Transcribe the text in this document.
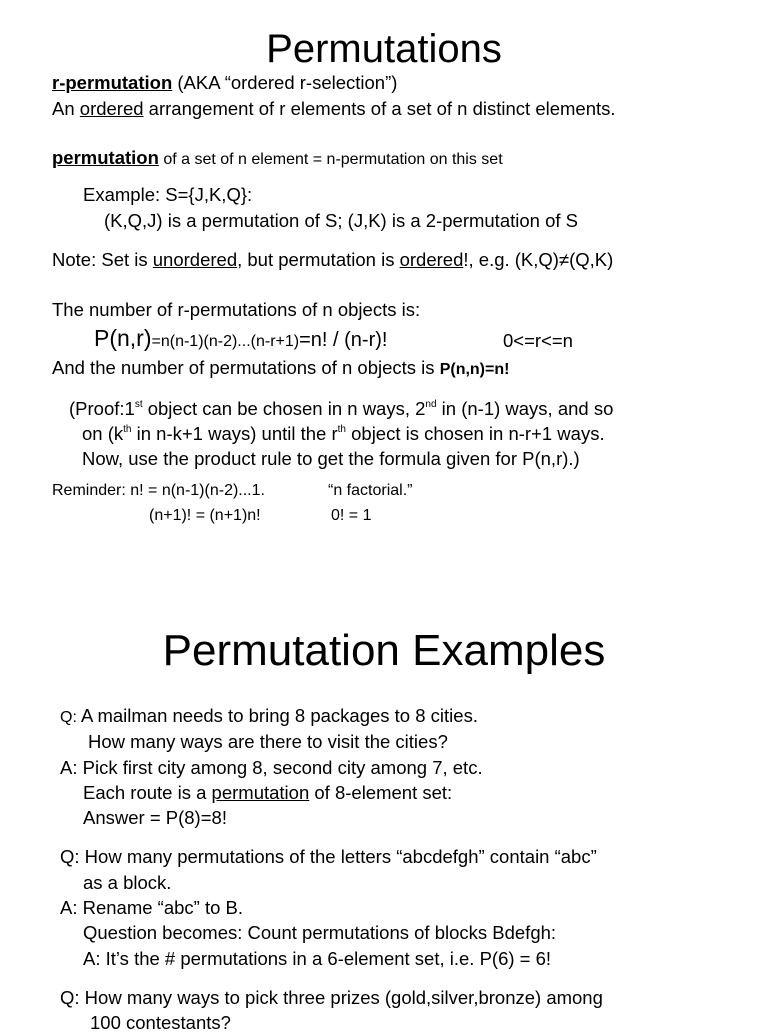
Permutations
r-permutation (AKA “ordered r-selection”)
An ordered arrangement of r elements of a set of n distinct elements.
permutation of a set of n element = n-permutation on this set
Example: S={J,K,Q}:
(K,Q,J) is a permutation of S; (J,K) is a 2-permutation of S
Note: Set is unordered, but permutation is ordered!, e.g. (K,Q)≠(Q,K)
The number of r-permutations of n objects is:
P(n,r)=n(n-1)(n-2)...(n-r+1)=n! / (n-r)!	0<=r<=n
And the number of permutations of n objects is P(n,n)=n!
(Proof:1st object can be chosen in n ways, 2nd in (n-1) ways, and so
on ($k^{th}$ in n-k+1 ways) until the $r^{th}$ object is chosen in n-r+1 ways.
Now, use the product rule to get the formula given for P(n,r).)
Reminder: n! = n(n-1)(n-2)...1.	“n factorial.”
(n+1)! = (n+1)n!	0! = 1
Permutation Examples
Q: A mailman needs to bring 8 packages to 8 cities.
How many ways are there to visit the cities?
A: Pick first city among 8, second city among 7, etc.
Each route is a permutation of 8-element set:
Answer = P(8)=8!
Q: How many permutations of the letters “abcdefgh” contain “abc”
as a block.
A: Rename “abc” to B.
Question becomes: Count permutations of blocks Bdefgh:
A: It’s the # permutations in a 6-element set, i.e. P(6) = 6!
Q: How many ways to pick three prizes (gold,silver,bronze) among
100 contestants?
